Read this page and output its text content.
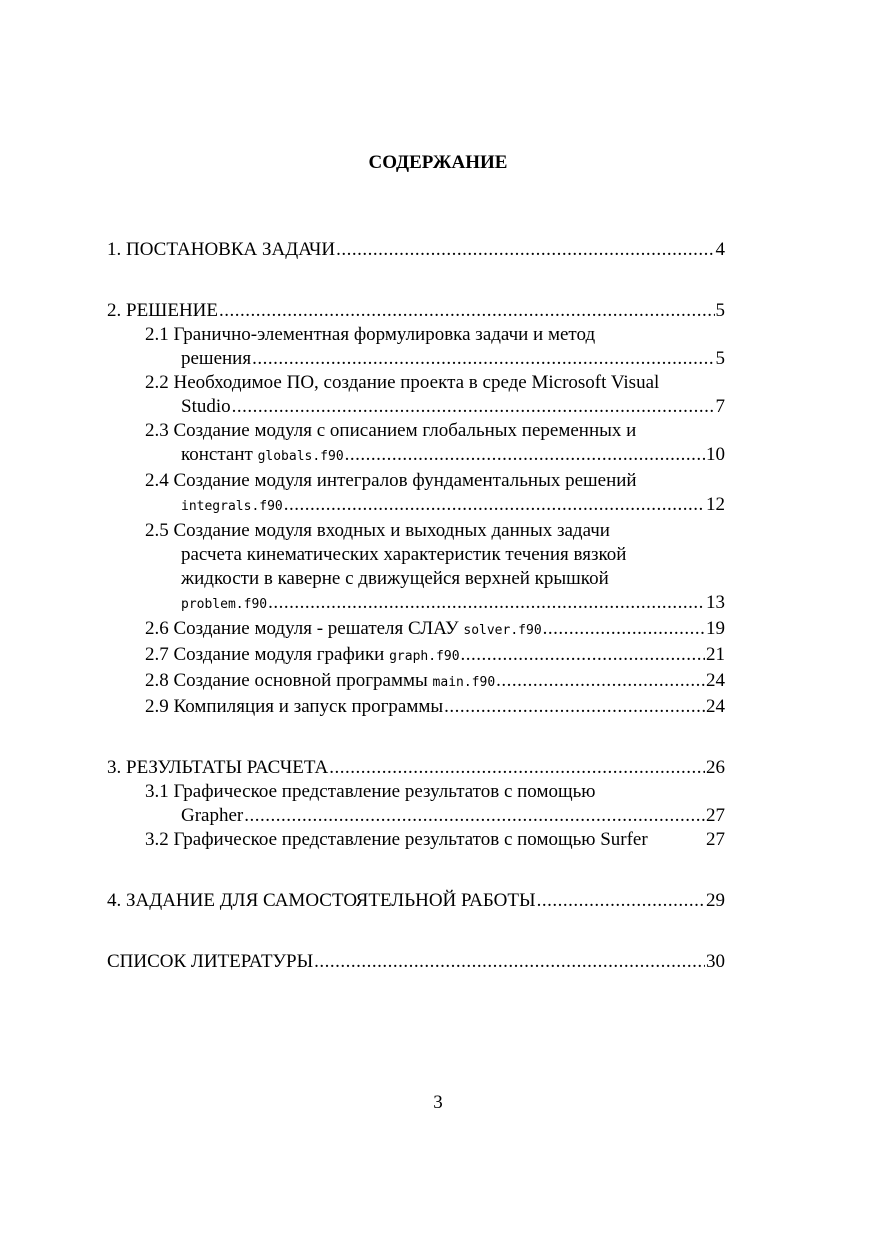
СОДЕРЖАНИЕ
1. ПОСТАНОВКА ЗАДАЧИ .....	4
2. РЕШЕНИЕ .....	5
2.1 Гранично-элементная формулировка задачи и метод
решения .....	5
2.2 Необходимое ПО, создание проекта в среде Microsoft Visual
Studio .....	7
2.3 Создание модуля с описанием глобальных переменных и
констант globals.f90 .....	10
2.4 Создание модуля интегралов фундаментальных решений
integrals.f90 .....	12
2.5 Создание модуля входных и выходных данных задачи
расчета кинематических характеристик течения вязкой
жидкости в каверне с движущейся верхней крышкой
problem.f90 .....	13
2.6 Создание модуля - решателя СЛАУ solver.f90 .....	19
2.7 Создание модуля графики graph.f90 .....	21
2.8 Создание основной программы main.f90 .....	24
2.9 Компиляция и запуск программы .....	24
3. РЕЗУЛЬТАТЫ РАСЧЕТА .....	26
3.1 Графическое представление результатов с помощью
Grapher .....	27
3.2 Графическое представление результатов с помощью Surfer	27
4. ЗАДАНИЕ ДЛЯ САМОСТОЯТЕЛЬНОЙ РАБОТЫ .....	29
СПИСОК ЛИТЕРАТУРЫ .....	30
3
